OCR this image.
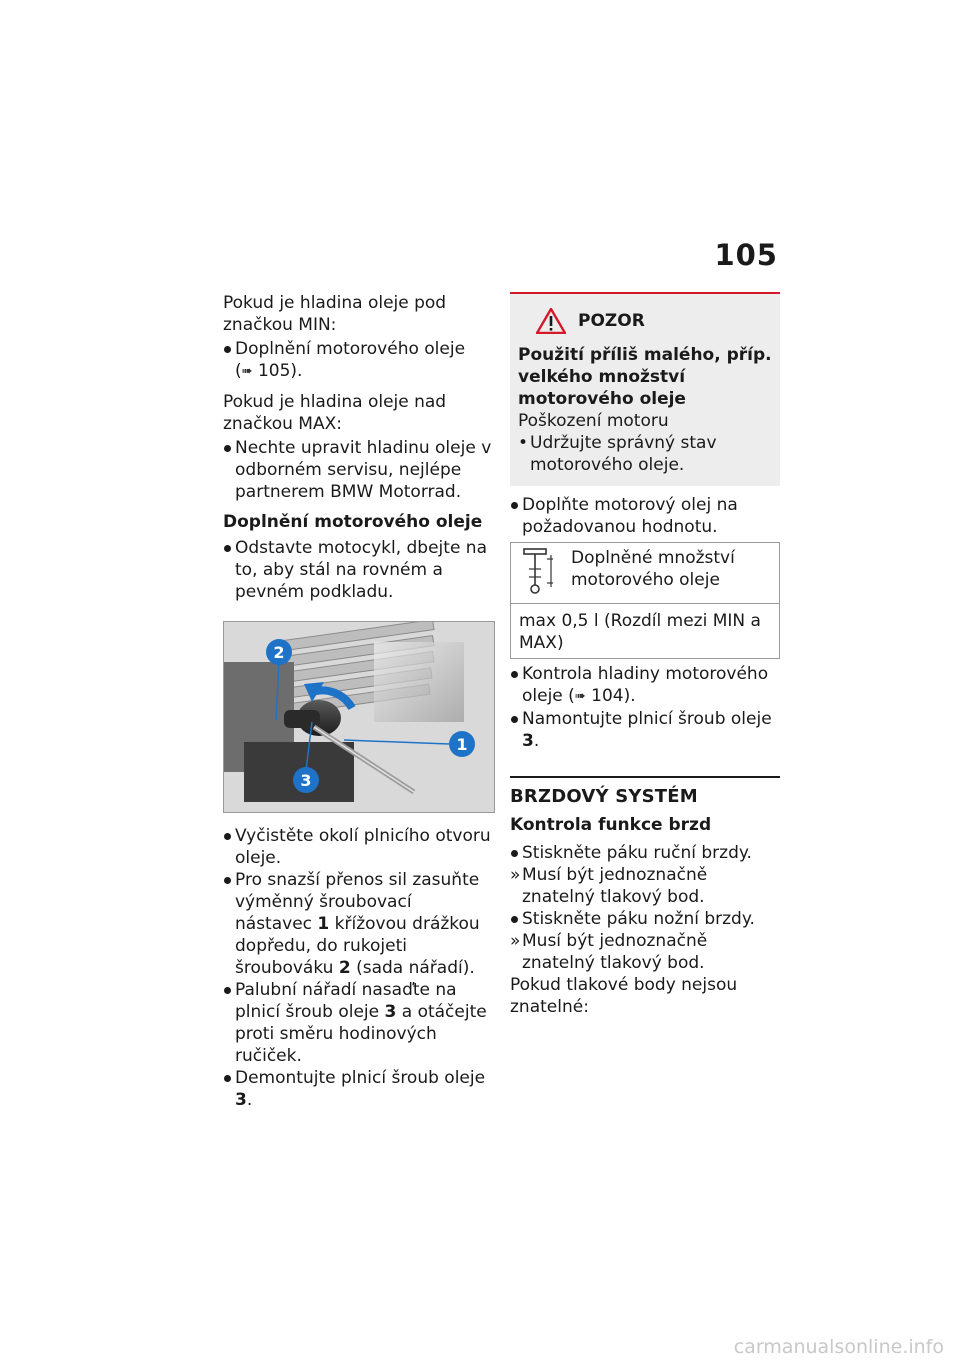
105

Pokud je hladina oleje pod značkou MIN:

Doplnění motorového oleje
(➠ 105).

Pokud je hladina oleje nad značkou MAX:

Nechte upravit hladinu oleje v odborném servisu, nejlépe partnerem BMW Motorrad.

Doplnění motorového oleje

Odstavte motocykl, dbejte na to, aby stál na rovném a pevném podkladu.
2
3
1
Vyčistěte okolí plnicího otvoru oleje.
Pro snazší přenos sil zasuňte výměnný šroubovací nástavec 1 křížovou drážkou dopředu, do rukojeti šroubováku 2 (sada nářadí).
Palubní nářadí nasaďte na plnicí šroub oleje 3 a otáčejte proti směru hodinových ručiček.
Demontujte plnicí šroub oleje 3.
POZOR

Použití příliš malého, příp. velkého množství motorového oleje

Poškození motoru

• Udržujte správný stav motorového oleje.
Doplňte motorový olej na požadovanou hodnotu.
Doplněné množství motorového oleje
max 0,5 l (Rozdíl mezi MIN a MAX)
Kontrola hladiny motorového oleje (➠ 104).
Namontujte plnicí šroub oleje 3.
BRZDOVÝ SYSTÉM

Kontrola funkce brzd

Stiskněte páku ruční brzdy.
» Musí být jednoznačně znatelný tlakový bod.
Stiskněte páku nožní brzdy.
» Musí být jednoznačně znatelný tlakový bod.

Pokud tlakové body nejsou znatelné:

carmanualsonline.info
